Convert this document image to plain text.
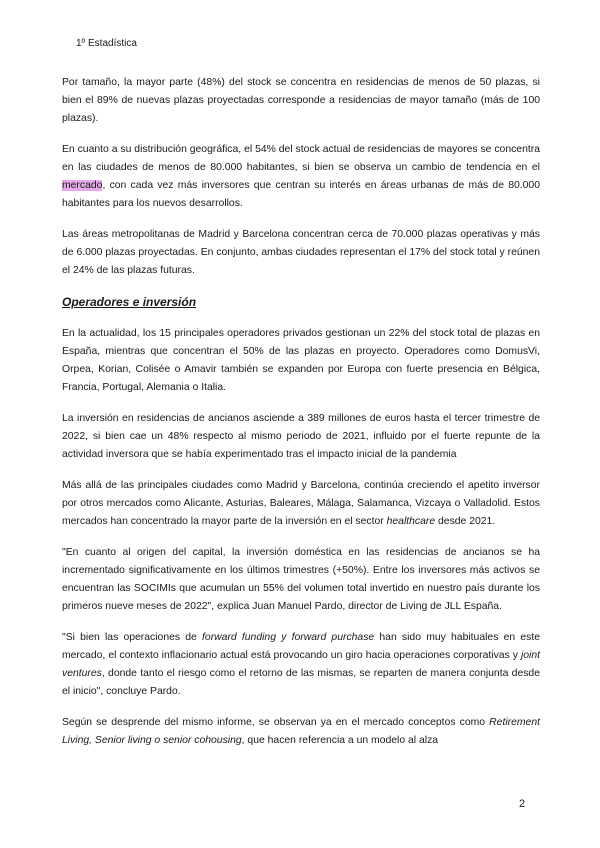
1º Estadística

Por tamaño, la mayor parte (48%) del stock se concentra en residencias de menos de 50 plazas, si bien el 89% de nuevas plazas proyectadas corresponde a residencias de mayor tamaño (más de 100 plazas).

En cuanto a su distribución geográfica, el 54% del stock actual de residencias de mayores se concentra en las ciudades de menos de 80.000 habitantes, si bien se observa un cambio de tendencia en el mercado, con cada vez más inversores que centran su interés en áreas urbanas de más de 80.000 habitantes para los nuevos desarrollos.

Las áreas metropolitanas de Madrid y Barcelona concentran cerca de 70.000 plazas operativas y más de 6.000 plazas proyectadas. En conjunto, ambas ciudades representan el 17% del stock total y reúnen el 24% de las plazas futuras.

Operadores e inversión

En la actualidad, los 15 principales operadores privados gestionan un 22% del stock total de plazas en España, mientras que concentran el 50% de las plazas en proyecto. Operadores como DomusVi, Orpea, Korian, Colisée o Amavir también se expanden por Europa con fuerte presencia en Bélgica, Francia, Portugal, Alemania o Italia.

La inversión en residencias de ancianos asciende a 389 millones de euros hasta el tercer trimestre de 2022, si bien cae un 48% respecto al mismo periodo de 2021, influido por el fuerte repunte de la actividad inversora que se había experimentado tras el impacto inicial de la pandemia

Más allá de las principales ciudades como Madrid y Barcelona, continúa creciendo el apetito inversor por otros mercados como Alicante, Asturias, Baleares, Málaga, Salamanca, Vizcaya o Valladolid. Estos mercados han concentrado la mayor parte de la inversión en el sector healthcare desde 2021.

"En cuanto al origen del capital, la inversión doméstica en las residencias de ancianos se ha incrementado significativamente en los últimos trimestres (+50%). Entre los inversores más activos se encuentran las SOCIMIs que acumulan un 55% del volumen total invertido en nuestro país durante los primeros nueve meses de 2022", explica Juan Manuel Pardo, director de Living de JLL España.

"Si bien las operaciones de forward funding y forward purchase han sido muy habituales en este mercado, el contexto inflacionario actual está provocando un giro hacia operaciones corporativas y joint ventures, donde tanto el riesgo como el retorno de las mismas, se reparten de manera conjunta desde el inicio", concluye Pardo.

Según se desprende del mismo informe, se observan ya en el mercado conceptos como Retirement Living, Senior living o senior cohousing, que hacen referencia a un modelo al alza

2
